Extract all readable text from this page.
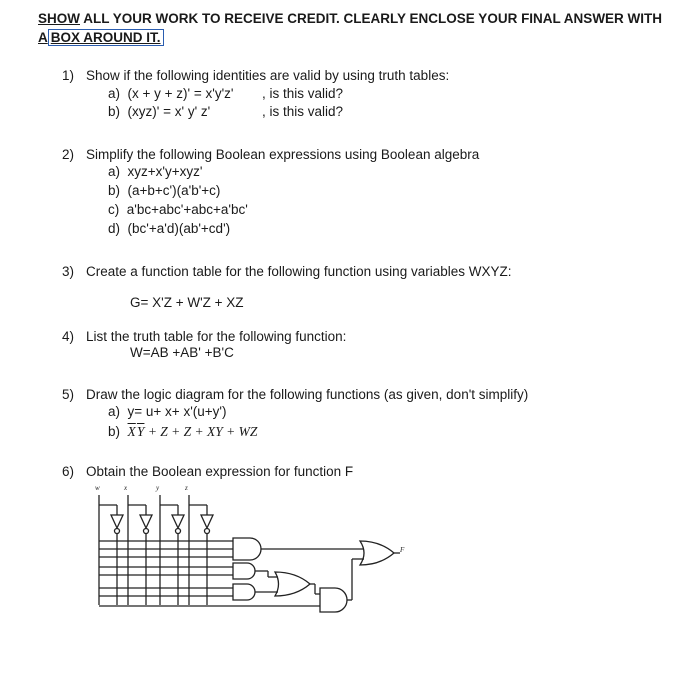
SHOW ALL YOUR WORK TO RECEIVE CREDIT. CLEARLY ENCLOSE YOUR FINAL ANSWER WITH
A BOX AROUND IT.
1) Show if the following identities are valid by using truth tables:
a) (x + y + z)' = x'y'z' , is this valid?
b) (xyz)' = x' y' z'	, is this valid?
2) Simplify the following Boolean expressions using Boolean algebra
a) xyz+x'y+xyz'
b) (a+b+c')(a'b'+c)
c) a'bc+abc'+abc+a'bc'
d) (bc'+a'd)(ab'+cd')
3) Create a function table for the following function using variables WXYZ:
G= X'Z + W'Z + XZ
4) List the truth table for the following function:
W=AB +AB' +B'C
5) Draw the logic diagram for the following functions (as given, don't simplify)
a) y= u+ x+ x'(u+y')
b) $\overline{X}$ $\overline{Y} + Z + Z$ + XY + WZ
6) Obtain the Boolean expression for function F
w	x	y	z
F
